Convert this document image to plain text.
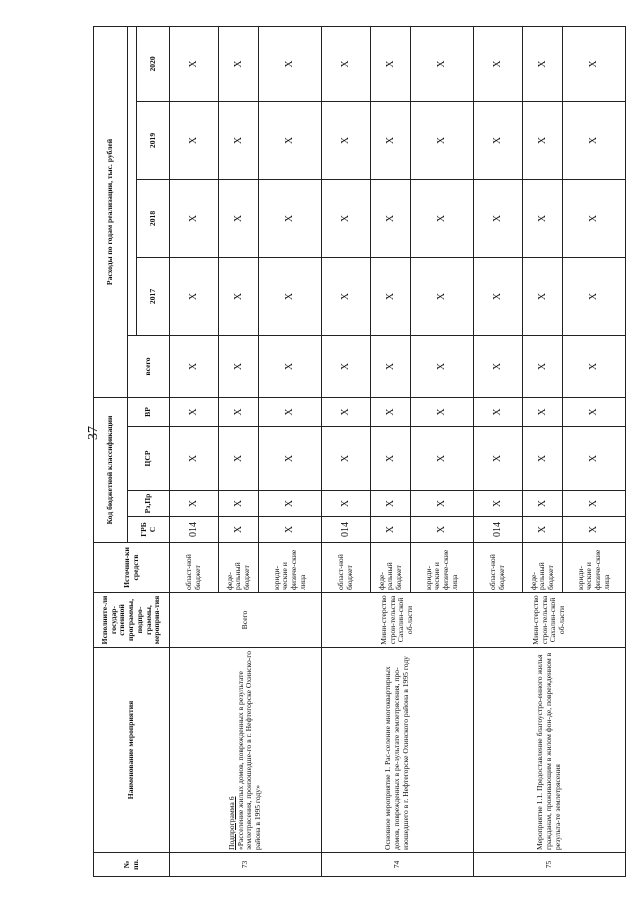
37
№ пп.	Наименование мероприятия	Исполните-ли государ-ственной программы, подпро-граммы, мероприя-тия	Источни-ки средств	Код бюджетной классификации				Расходы по годам реализации, тыс. рублей				
				ГРБ С	Рз,Пр	ЦСР	ВР	всего				
									2017	2018	2019	2020
73	Подпрограмма 6
«Расселение жилых домов, поврежденных в результате землетрясения, произошедше-го в г. Нефтегорске Охинско-го района в 1995 году»	Всего	област-ной бюджет	014	X	X	X	X	X	X	X	X
			феде-ральный бюджет	X	X	X	X	X	X	X	X	X
			юриди-ческие и физиче-ские лица	X	X	X	X	X	X	X	X	X
74	Основное мероприятие 1. Рас-селение многоквартирных домов, поврежденных в ре-зультате землетрясения, про-изошедшего в г. Нефтегорске Охинского района в 1995 году	Мини-стерство строи-тельства Сахалин-ской об-ласти	област-ной бюджет	014	X	X	X	X	X	X	X	X
			феде-ральный бюджет	X	X	X	X	X	X	X	X	X
			юриди-ческие и физиче-ские лица	X	X	X	X	X	X	X	X	X
75	Мероприятие 1.1. Предоставление благоустро-енного жилья гражданам, проживающим в жилом фон-де, поврежденном в результа-те землетрясения	Мини-стерство строи-тельства Сахалин-ской об-ласти	област-ной бюджет	014	X	X	X	X	X	X	X	X
			феде-ральный бюджет	X	X	X	X	X	X	X	X	X
			юриди-ческие и физиче-ские лица	X	X	X	X	X	X	X	X	X
